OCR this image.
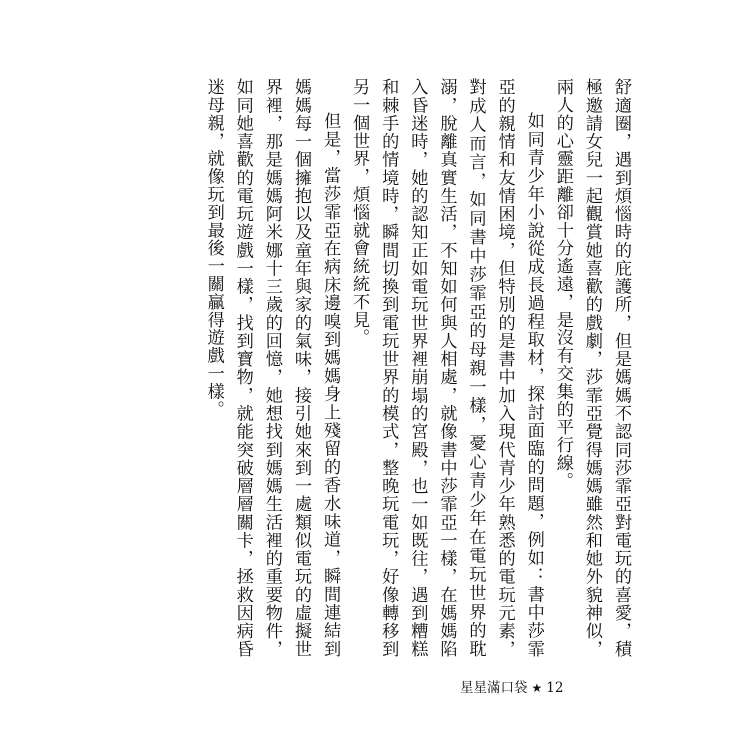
舒適圈，遇到煩惱時的庇護所，但是媽媽不認同莎霏亞對電玩的喜愛，積極邀請女兒一起觀賞她喜歡的戲劇，莎霏亞覺得媽媽雖然和她外貌神似，兩人的心靈距離卻十分遙遠，是沒有交集的平行線。

如同青少年小說從成長過程取材，探討面臨的問題，例如：書中莎霏亞的親情和友情困境，但特別的是書中加入現代青少年熟悉的電玩元素，對成人而言，如同書中莎霏亞的母親一樣，憂心青少年在電玩世界的耽溺，脫離真實生活，不知如何與人相處，就像書中莎霏亞一樣，在媽媽陷入昏迷時，她的認知正如電玩世界裡崩塌的宮殿，也一如既往，遇到糟糕和棘手的情境時，瞬間切換到電玩世界的模式，整晚玩電玩，好像轉移到另一個世界，煩惱就會統統不見。

但是，當莎霏亞在病床邊嗅到媽媽身上殘留的香水味道，瞬間連結到媽媽每一個擁抱以及童年與家的氣味，接引她來到一處類似電玩的虛擬世界裡，那是媽媽阿米娜十三歲的回憶，她想找到媽媽生活裡的重要物件，如同她喜歡的電玩遊戲一樣，找到寶物，就能突破層層關卡，拯救因病昏迷母親，就像玩到最後一關贏得遊戲一樣。

星星滿口袋 ★ 12
